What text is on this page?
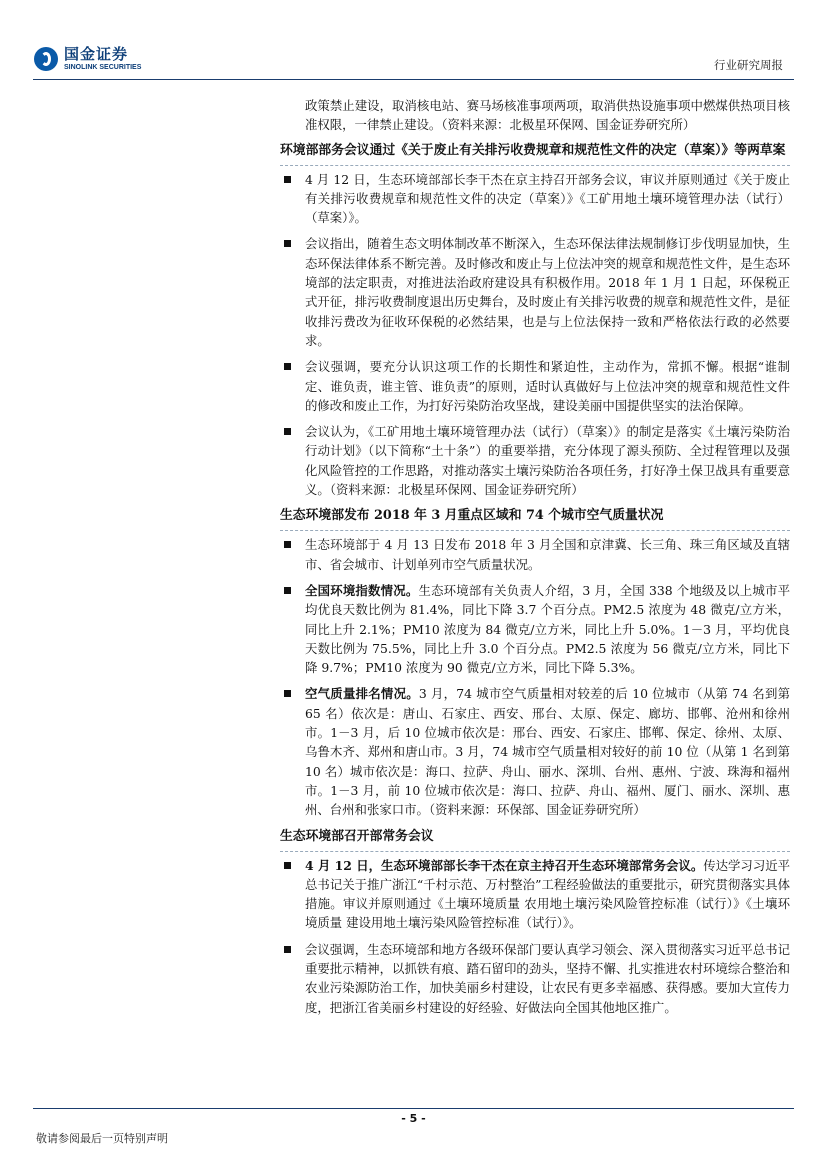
国金证券
SINOLINK SECURITIES	行业研究周报

政策禁止建设，取消核电站、赛马场核准事项两项，取消供热设施事项中燃煤供热项目核准权限，一律禁止建设。（资料来源：北极星环保网、国金证券研究所）

环境部部务会议通过《关于废止有关排污收费规章和规范性文件的决定（草案）》等两草案
4 月 12 日，生态环境部部长李干杰在京主持召开部务会议，审议并原则通过《关于废止有关排污收费规章和规范性文件的决定（草案）》《工矿用地土壤环境管理办法（试行）（草案）》。
会议指出，随着生态文明体制改革不断深入，生态环保法律法规制修订步伐明显加快，生态环保法律体系不断完善。及时修改和废止与上位法冲突的规章和规范性文件，是生态环境部的法定职责，对推进法治政府建设具有积极作用。2018 年 1 月 1 日起，环保税正式开征，排污收费制度退出历史舞台，及时废止有关排污收费的规章和规范性文件，是征收排污费改为征收环保税的必然结果，也是与上位法保持一致和严格依法行政的必然要求。
会议强调，要充分认识这项工作的长期性和紧迫性，主动作为，常抓不懈。根据“谁制定、谁负责，谁主管、谁负责”的原则，适时认真做好与上位法冲突的规章和规范性文件的修改和废止工作，为打好污染防治攻坚战，建设美丽中国提供坚实的法治保障。
会议认为，《工矿用地土壤环境管理办法（试行）（草案）》的制定是落实《土壤污染防治行动计划》（以下简称“土十条”）的重要举措，充分体现了源头预防、全过程管理以及强化风险管控的工作思路，对推动落实土壤污染防治各项任务，打好净土保卫战具有重要意义。（资料来源：北极星环保网、国金证券研究所）
生态环境部发布 2018 年 3 月重点区域和 74 个城市空气质量状况
生态环境部于 4 月 13 日发布 2018 年 3 月全国和京津冀、长三角、珠三角区域及直辖市、省会城市、计划单列市空气质量状况。
全国环境指数情况。生态环境部有关负责人介绍，3 月，全国 338 个地级及以上城市平均优良天数比例为 81.4%，同比下降 3.7 个百分点。PM2.5 浓度为 48 微克/立方米，同比上升 2.1%；PM10 浓度为 84 微克/立方米，同比上升 5.0%。1－3 月，平均优良天数比例为 75.5%，同比上升 3.0 个百分点。PM2.5 浓度为 56 微克/立方米，同比下降 9.7%；PM10 浓度为 90 微克/立方米，同比下降 5.3%。
空气质量排名情况。3 月，74 城市空气质量相对较差的后 10 位城市（从第 74 名到第 65 名）依次是：唐山、石家庄、西安、邢台、太原、保定、廊坊、邯郸、沧州和徐州市。1－3 月，后 10 位城市依次是：邢台、西安、石家庄、邯郸、保定、徐州、太原、乌鲁木齐、郑州和唐山市。3 月，74 城市空气质量相对较好的前 10 位（从第 1 名到第 10 名）城市依次是：海口、拉萨、舟山、丽水、深圳、台州、惠州、宁波、珠海和福州市。1－3 月，前 10 位城市依次是：海口、拉萨、舟山、福州、厦门、丽水、深圳、惠州、台州和张家口市。（资料来源：环保部、国金证券研究所）
生态环境部召开部常务会议
4 月 12 日，生态环境部部长李干杰在京主持召开生态环境部常务会议。传达学习习近平总书记关于推广浙江“千村示范、万村整治”工程经验做法的重要批示，研究贯彻落实具体措施。审议并原则通过《土壤环境质量 农用地土壤污染风险管控标准（试行）》《土壤环境质量 建设用地土壤污染风险管控标准（试行）》。
会议强调，生态环境部和地方各级环保部门要认真学习领会、深入贯彻落实习近平总书记重要批示精神，以抓铁有痕、踏石留印的劲头，坚持不懈、扎实推进农村环境综合整治和农业污染源防治工作，加快美丽乡村建设，让农民有更多幸福感、获得感。要加大宣传力度，把浙江省美丽乡村建设的好经验、好做法向全国其他地区推广。
- 5 -
敬请参阅最后一页特别声明
